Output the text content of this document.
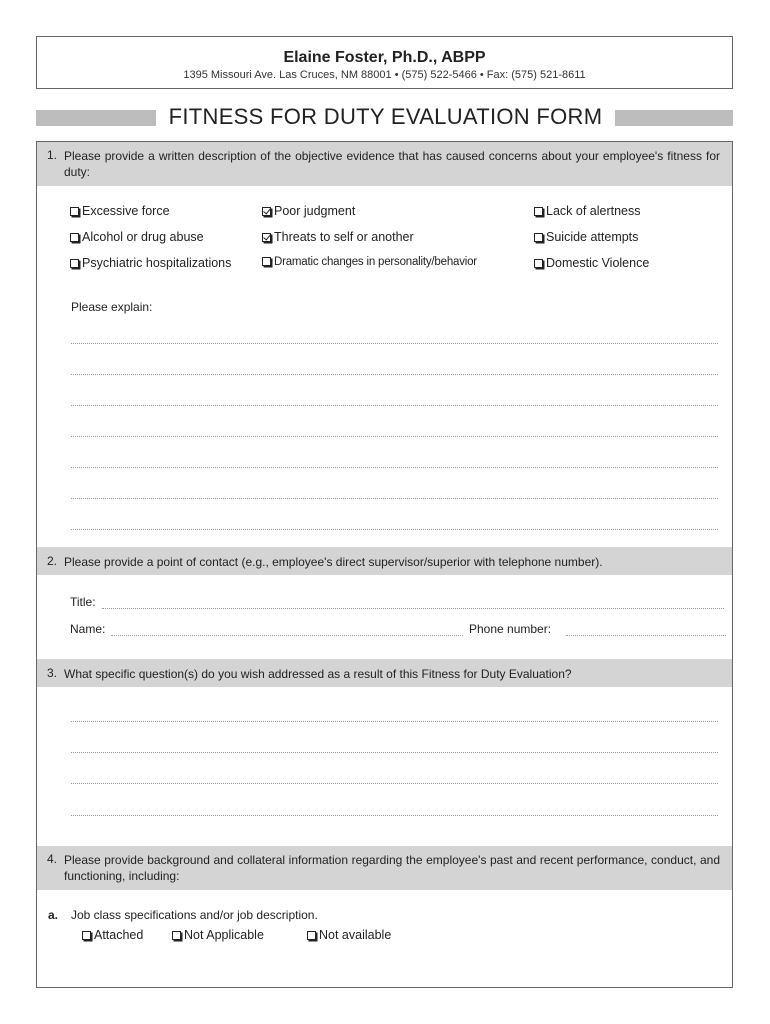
Elaine Foster, Ph.D., ABPP
1395 Missouri Ave. Las Cruces, NM 88001 • (575) 522-5466 • Fax: (575) 521-8611
FITNESS FOR DUTY EVALUATION FORM
1. Please provide a written description of the objective evidence that has caused concerns about your employee's fitness for duty:
Excessive force	Poor judgment	Lack of alertness
Alcohol or drug abuse	Threats to self or another	Suicide attempts
Psychiatric hospitalizations	Dramatic changes in personality/behavior	Domestic Violence
Please explain:
2. Please provide a point of contact (e.g., employee's direct supervisor/superior with telephone number).
Title:
Name:	Phone number:
3. What specific question(s) do you wish addressed as a result of this Fitness for Duty Evaluation?
4. Please provide background and collateral information regarding the employee's past and recent performance, conduct, and functioning, including:
a. Job class specifications and/or job description.
Attached	Not Applicable	Not available
